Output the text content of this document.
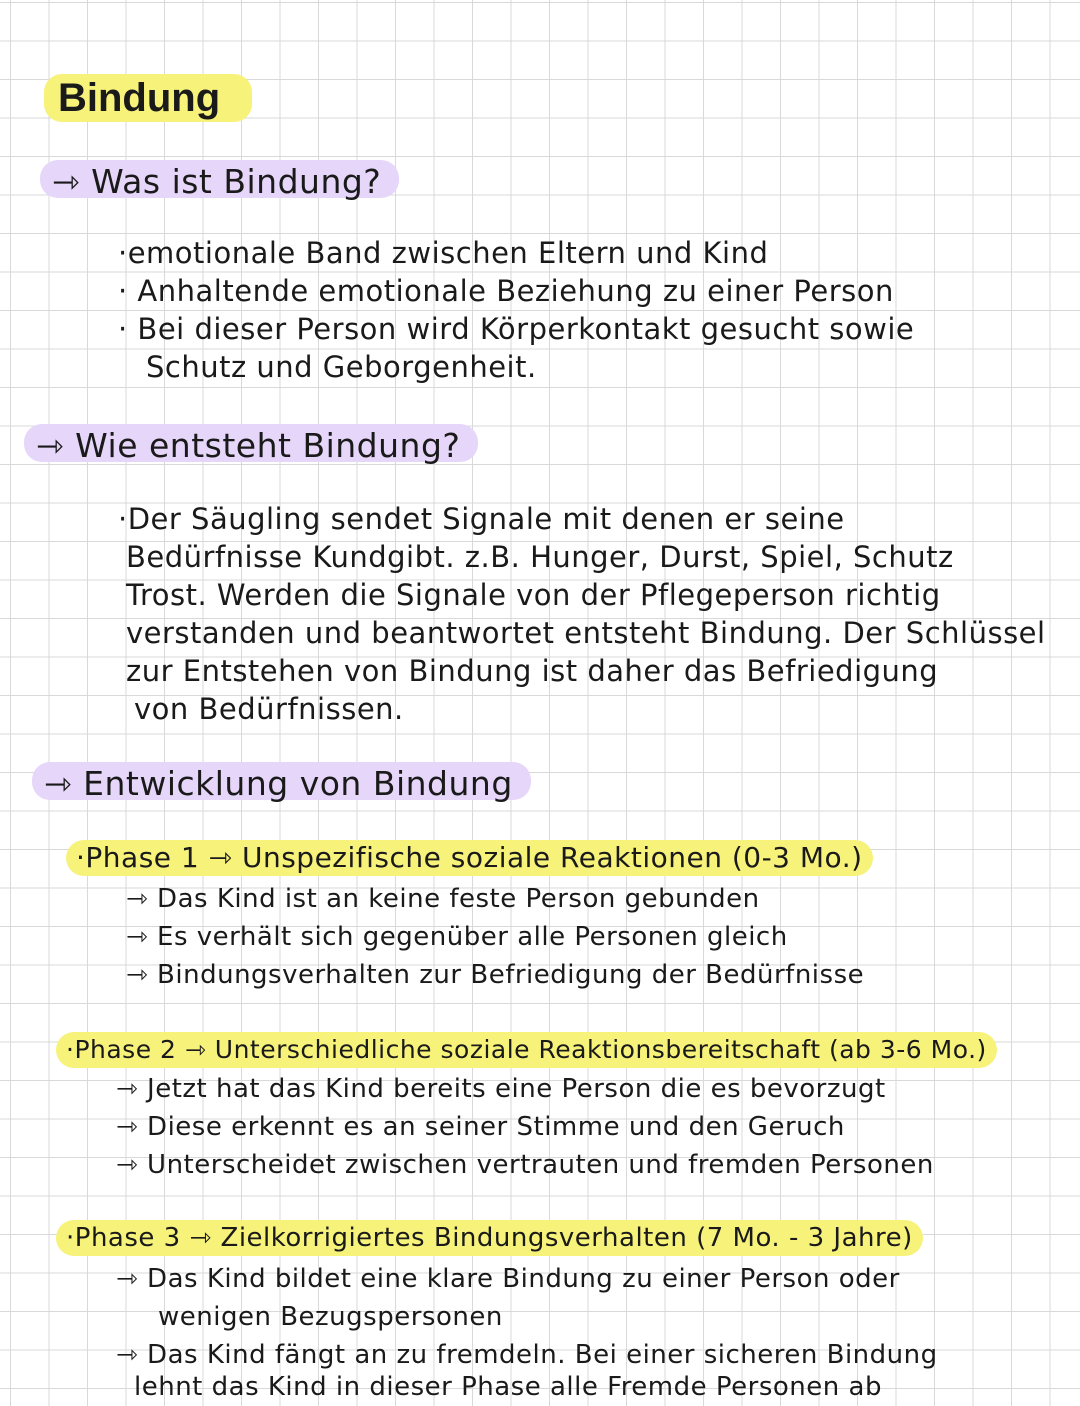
Bindung
⇾ Was ist Bindung?
·emotionale Band zwischen Eltern und Kind
· Anhaltende emotionale Beziehung zu einer Person
· Bei dieser Person wird Körperkontakt gesucht sowie
Schutz und Geborgenheit.
⇾ Wie entsteht Bindung?
·Der Säugling sendet Signale mit denen er seine
Bedürfnisse Kundgibt. z.B. Hunger, Durst, Spiel, Schutz
Trost. Werden die Signale von der Pflegeperson richtig
verstanden und beantwortet entsteht Bindung. Der Schlüssel
zur Entstehen von Bindung ist daher das Befriedigung
von Bedürfnissen.
⇾ Entwicklung von Bindung
·Phase 1 ⇾ Unspezifische soziale Reaktionen (0-3 Mo.)
⇾ Das Kind ist an keine feste Person gebunden
⇾ Es verhält sich gegenüber alle Personen gleich
⇾ Bindungsverhalten zur Befriedigung der Bedürfnisse
·Phase 2 ⇾ Unterschiedliche soziale Reaktionsbereitschaft (ab 3-6 Mo.)
⇾ Jetzt hat das Kind bereits eine Person die es bevorzugt
⇾ Diese erkennt es an seiner Stimme und den Geruch
⇾ Unterscheidet zwischen vertrauten und fremden Personen
·Phase 3 ⇾ Zielkorrigiertes Bindungsverhalten (7 Mo. - 3 Jahre)
⇾ Das Kind bildet eine klare Bindung zu einer Person oder
wenigen Bezugspersonen
⇾ Das Kind fängt an zu fremdeln. Bei einer sicheren Bindung
lehnt das Kind in dieser Phase alle Fremde Personen ab
